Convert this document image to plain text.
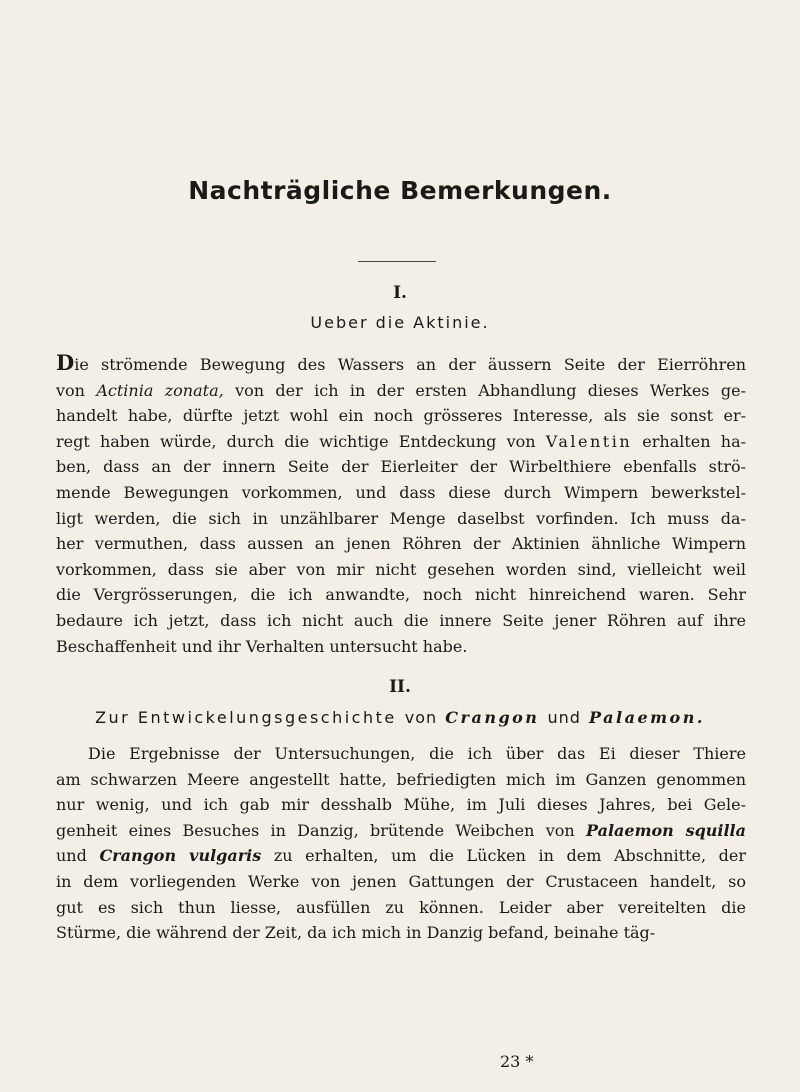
Nachträgliche Bemerkungen.
I.
Ueber die Aktinie.
Die strömende Bewegung des Wassers an der äussern Seite der Eierröhren
von Actinia zonata, von der ich in der ersten Abhandlung dieses Werkes ge-
handelt habe, dürfte jetzt wohl ein noch grösseres Interesse, als sie sonst er-
regt haben würde, durch die wichtige Entdeckung von Valentin erhalten ha-
ben, dass an der innern Seite der Eierleiter der Wirbelthiere ebenfalls strö-
mende Bewegungen vorkommen, und dass diese durch Wimpern bewerkstel-
ligt werden, die sich in unzählbarer Menge daselbst vorfinden. Ich muss da-
her vermuthen, dass aussen an jenen Röhren der Aktinien ähnliche Wimpern
vorkommen, dass sie aber von mir nicht gesehen worden sind, vielleicht weil
die Vergrösserungen, die ich anwandte, noch nicht hinreichend waren. Sehr
bedaure ich jetzt, dass ich nicht auch die innere Seite jener Röhren auf ihre
Beschaffenheit und ihr Verhalten untersucht habe.
II.
Zur Entwickelungsgeschichte von Crangon und Palaemon.
Die Ergebnisse der Untersuchungen, die ich über das Ei dieser Thiere
am schwarzen Meere angestellt hatte, befriedigten mich im Ganzen genommen
nur wenig, und ich gab mir desshalb Mühe, im Juli dieses Jahres, bei Gele-
genheit eines Besuches in Danzig, brütende Weibchen von Palaemon squilla
und Crangon vulgaris zu erhalten, um die Lücken in dem Abschnitte, der
in dem vorliegenden Werke von jenen Gattungen der Crustaceen handelt, so
gut es sich thun liesse, ausfüllen zu können. Leider aber vereitelten die
Stürme, die während der Zeit, da ich mich in Danzig befand, beinahe täg-
23 *
